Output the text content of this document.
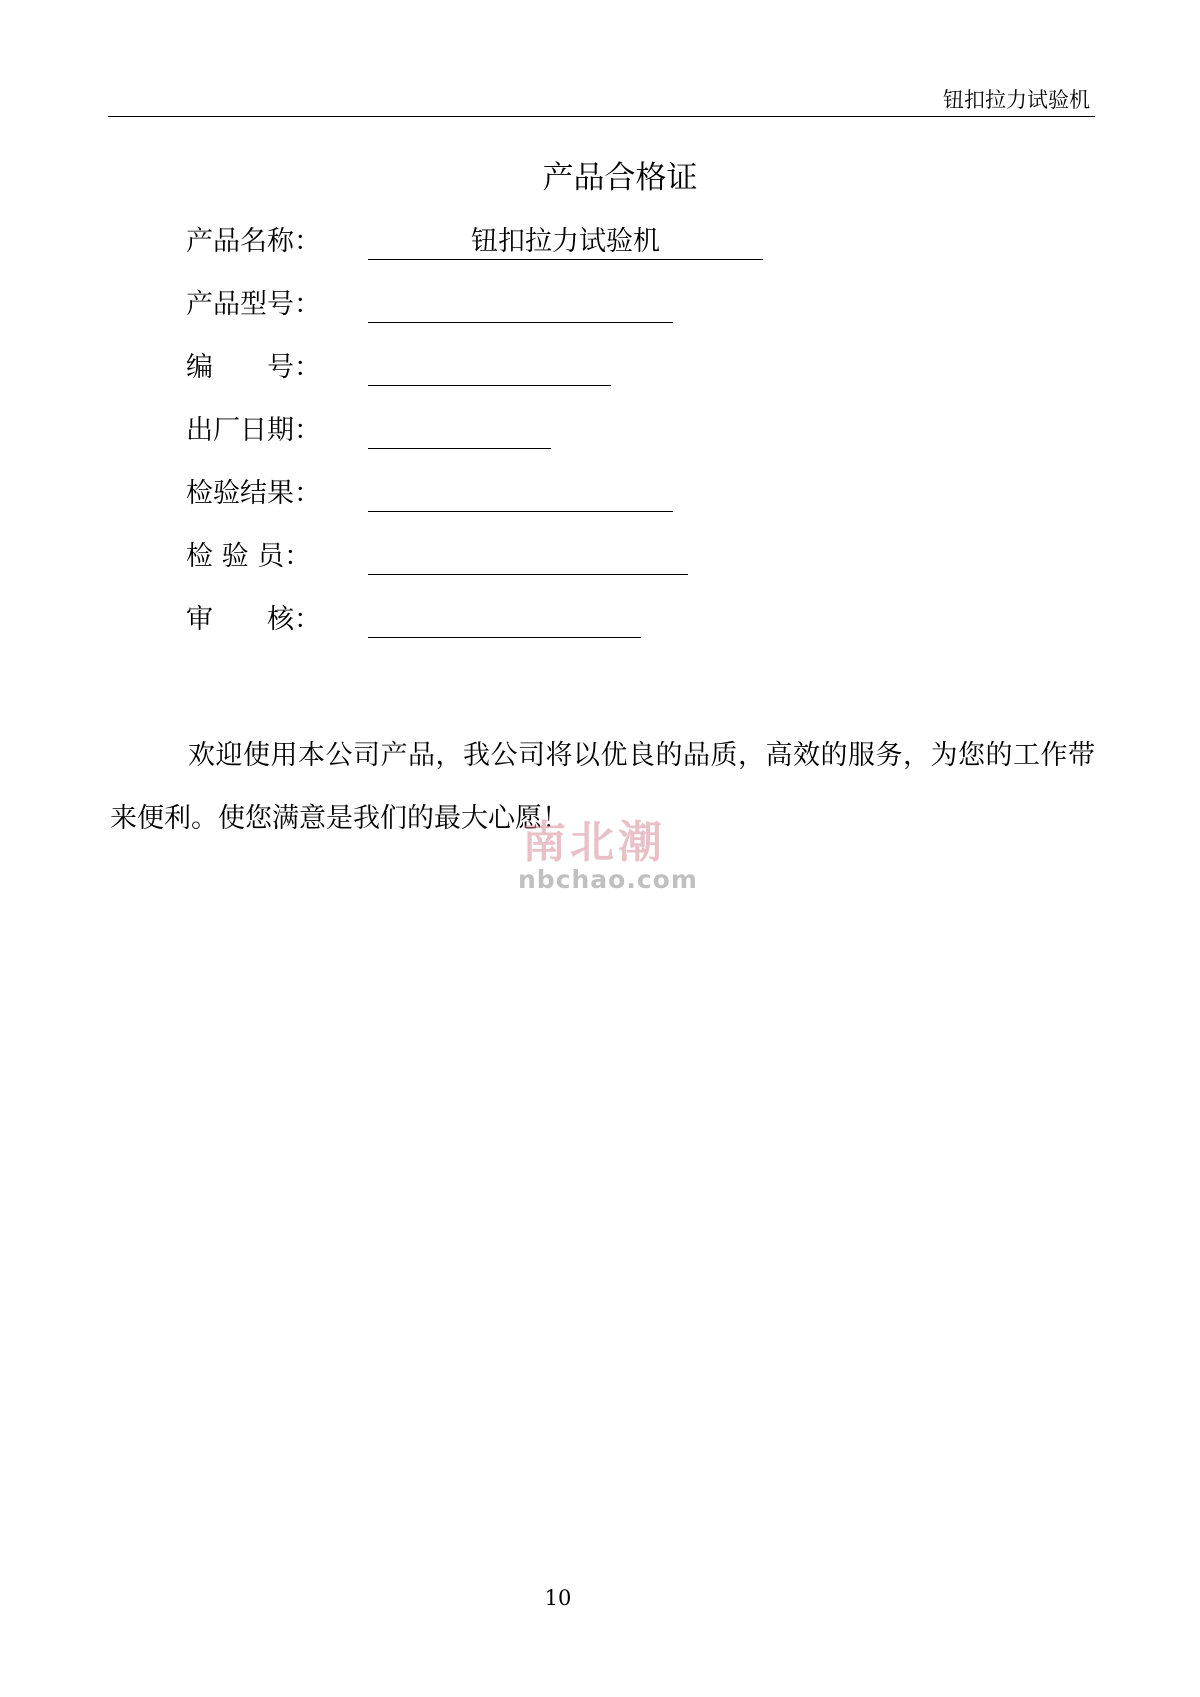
钮扣拉力试验机
产品合格证
产品名称：	钮扣拉力试验机
产品型号：
编　　号：
出厂日期：
检验结果：
检 验 员：
审　　核：

欢迎使用本公司产品，我公司将以优良的品质，高效的服务，为您的工作带来便利。使您满意是我们的最大心愿！

南北潮
nbchao.com
10
